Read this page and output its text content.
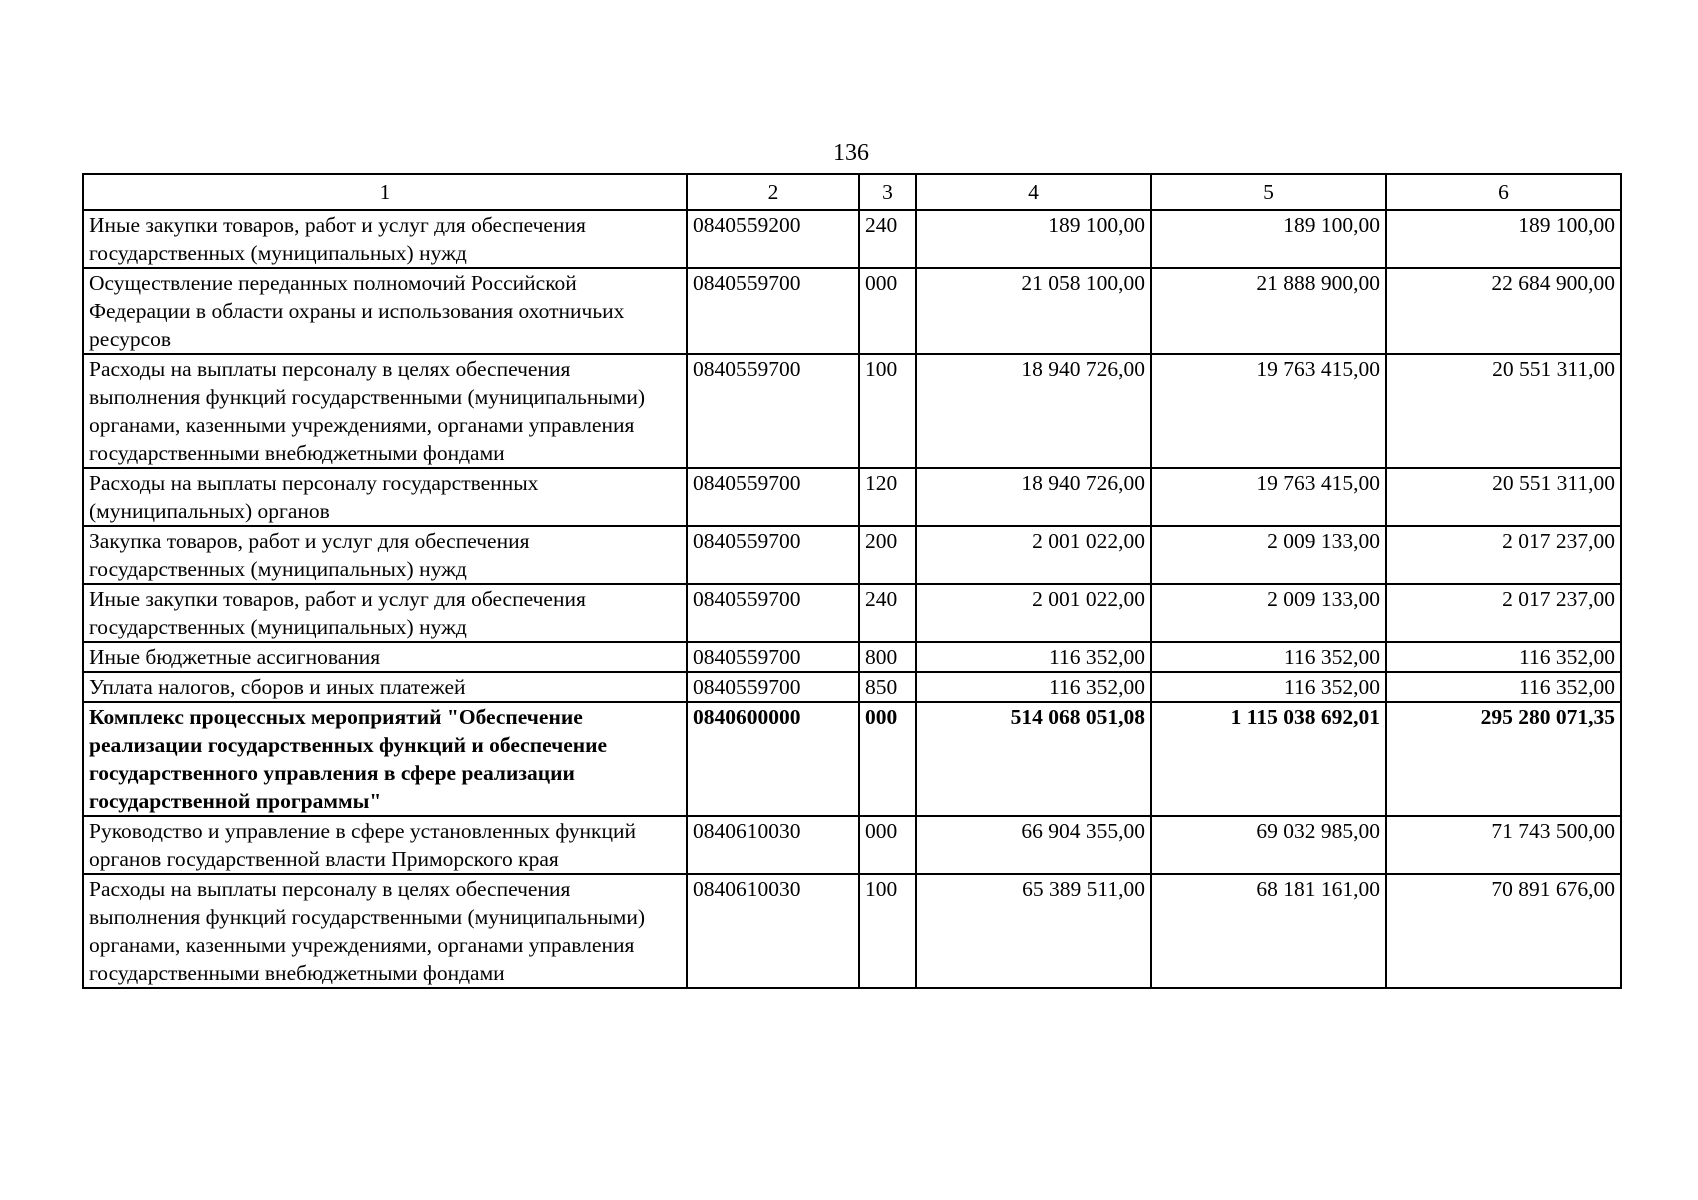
136
1	2	3	4	5	6
Иные закупки товаров, работ и услуг для обеспечения государственных (муниципальных) нужд	0840559200	240	189 100,00	189 100,00	189 100,00
Осуществление переданных полномочий Российской Федерации в области охраны и использования охотничьих ресурсов	0840559700	000	21 058 100,00	21 888 900,00	22 684 900,00
Расходы на выплаты персоналу в целях обеспечения выполнения функций государственными (муниципальными) органами, казенными учреждениями, органами управления государственными внебюджетными фондами	0840559700	100	18 940 726,00	19 763 415,00	20 551 311,00
Расходы на выплаты персоналу государственных (муниципальных) органов	0840559700	120	18 940 726,00	19 763 415,00	20 551 311,00
Закупка товаров, работ и услуг для обеспечения государственных (муниципальных) нужд	0840559700	200	2 001 022,00	2 009 133,00	2 017 237,00
Иные закупки товаров, работ и услуг для обеспечения государственных (муниципальных) нужд	0840559700	240	2 001 022,00	2 009 133,00	2 017 237,00
Иные бюджетные ассигнования	0840559700	800	116 352,00	116 352,00	116 352,00
Уплата налогов, сборов и иных платежей	0840559700	850	116 352,00	116 352,00	116 352,00
Комплекс процессных мероприятий "Обеспечение реализации государственных функций и обеспечение государственного управления в сфере реализации государственной программы"	0840600000	000	514 068 051,08	1 115 038 692,01	295 280 071,35
Руководство и управление в сфере установленных функций органов государственной власти Приморского края	0840610030	000	66 904 355,00	69 032 985,00	71 743 500,00
Расходы на выплаты персоналу в целях обеспечения выполнения функций государственными (муниципальными) органами, казенными учреждениями, органами управления государственными внебюджетными фондами	0840610030	100	65 389 511,00	68 181 161,00	70 891 676,00
